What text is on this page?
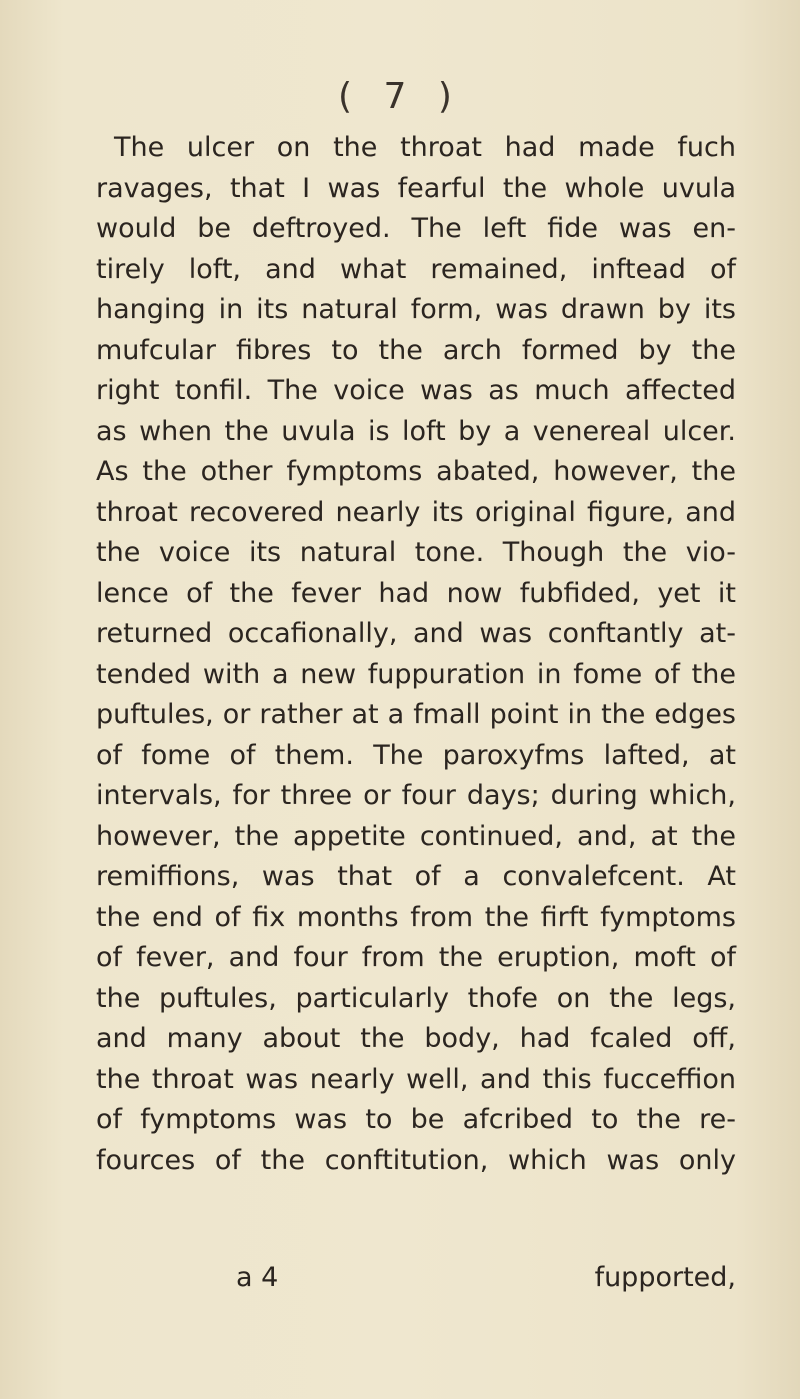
( 7 )
The ulcer on the throat had made fuch
ravages, that I was fearful the whole uvula
would be deftroyed. The left fide was en-
tirely loft, and what remained, inftead of
hanging in its natural form, was drawn by its
mufcular fibres to the arch formed by the
right tonfil. The voice was as much affected
as when the uvula is loft by a venereal ulcer.
As the other fymptoms abated, however, the
throat recovered nearly its original figure, and
the voice its natural tone. Though the vio-
lence of the fever had now fubfided, yet it
returned occafionally, and was conftantly at-
tended with a new fuppuration in fome of the
puftules, or rather at a fmall point in the edges
of fome of them. The paroxyfms lafted, at
intervals, for three or four days; during which,
however, the appetite continued, and, at the
remiffions, was that of a convalefcent. At
the end of fix months from the firft fymptoms
of fever, and four from the eruption, moft of
the puftules, particularly thofe on the legs,
and many about the body, had fcaled off,
the throat was nearly well, and this fucceffion
of fymptoms was to be afcribed to the re-
fources of the conftitution, which was only
a 4	fupported,
